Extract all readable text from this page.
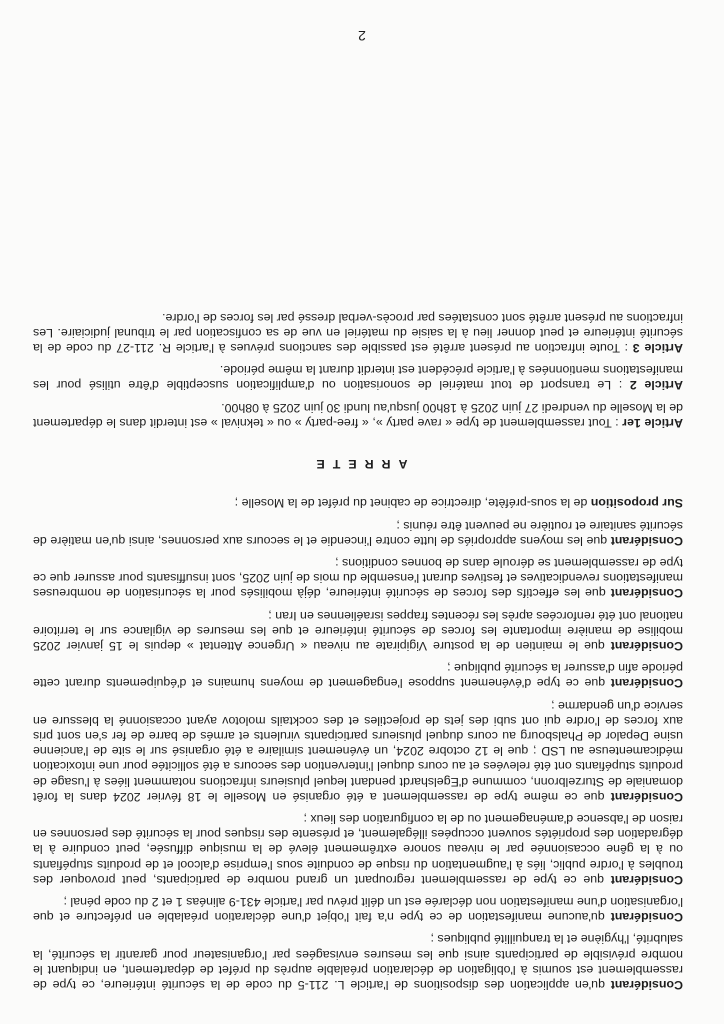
Considérant qu'en application des dispositions de l'article L. 211-5 du code de la sécurité intérieure, ce type de rassemblement est soumis à l'obligation de déclaration préalable auprès du préfet de département, en indiquant le nombre prévisible de participants ainsi que les mesures envisagées par l'organisateur pour garantir la sécurité, la salubrité, l'hygiène et la tranquillité publiques ;

Considérant qu'aucune manifestation de ce type n'a fait l'objet d'une déclaration préalable en préfecture et que l'organisation d'une manifestation non déclarée est un délit prévu par l'article 431-9 alinéas 1 et 2 du code pénal ;

Considérant que ce type de rassemblement regroupant un grand nombre de participants, peut provoquer des troubles à l'ordre public, liés à l'augmentation du risque de conduite sous l'emprise d'alcool et de produits stupéfiants ou à la gêne occasionnée par le niveau sonore extrêmement élevé de la musique diffusée, peut conduire à la dégradation des propriétés souvent occupées illégalement, et présente des risques pour la sécurité des personnes en raison de l'absence d'aménagement ou de la configuration des lieux ;

Considérant que ce même type de rassemblement a été organisé en Moselle le 18 février 2024 dans la forêt domaniale de Sturzelbronn, commune d'Egelshardt pendant lequel plusieurs infractions notamment liées à l'usage de produits stupéfiants ont été relevées et au cours duquel l'intervention des secours a été sollicitée pour une intoxication médicamenteuse au LSD ; que le 12 octobre 2024, un événement similaire a été organisé sur le site de l'ancienne usine Depalor de Phalsbourg au cours duquel plusieurs participants virulents et armés de barre de fer s'en sont pris aux forces de l'ordre qui ont subi des jets de projectiles et des cocktails molotov ayant occasionné la blessure en service d'un gendarme ;

Considérant que ce type d'événement suppose l'engagement de moyens humains et d'équipements durant cette période afin d'assurer la sécurité publique ;

Considérant que le maintien de la posture Vigipirate au niveau « Urgence Attentat » depuis le 15 janvier 2025 mobilise de manière importante les forces de sécurité intérieure et que les mesures de vigilance sur le territoire national ont été renforcées après les récentes frappes israéliennes en Iran ;

Considérant que les effectifs des forces de sécurité intérieure, déjà mobilisés pour la sécurisation de nombreuses manifestations revendicatives et festives durant l'ensemble du mois de juin 2025, sont insuffisants pour assurer que ce type de rassemblement se déroule dans de bonnes conditions ;

Considérant que les moyens appropriés de lutte contre l'incendie et le secours aux personnes, ainsi qu'en matière de sécurité sanitaire et routière ne peuvent être réunis ;

Sur proposition de la sous-préfète, directrice de cabinet du préfet de la Moselle ;

ARRETE

Article 1er : Tout rassemblement de type « rave party », « free-party » ou « teknival » est interdit dans le département de la Moselle du vendredi 27 juin 2025 à 18h00 jusqu'au lundi 30 juin 2025 à 08h00.

Article 2 : Le transport de tout matériel de sonorisation ou d'amplification susceptible d'être utilisé pour les manifestations mentionnées à l'article précédent est interdit durant la même période.

Article 3 : Toute infraction au présent arrêté est passible des sanctions prévues à l'article R. 211-27 du code de la sécurité intérieure et peut donner lieu à la saisie du matériel en vue de sa confiscation par le tribunal judiciaire. Les infractions au présent arrêté sont constatées par procès-verbal dressé par les forces de l'ordre.

2
